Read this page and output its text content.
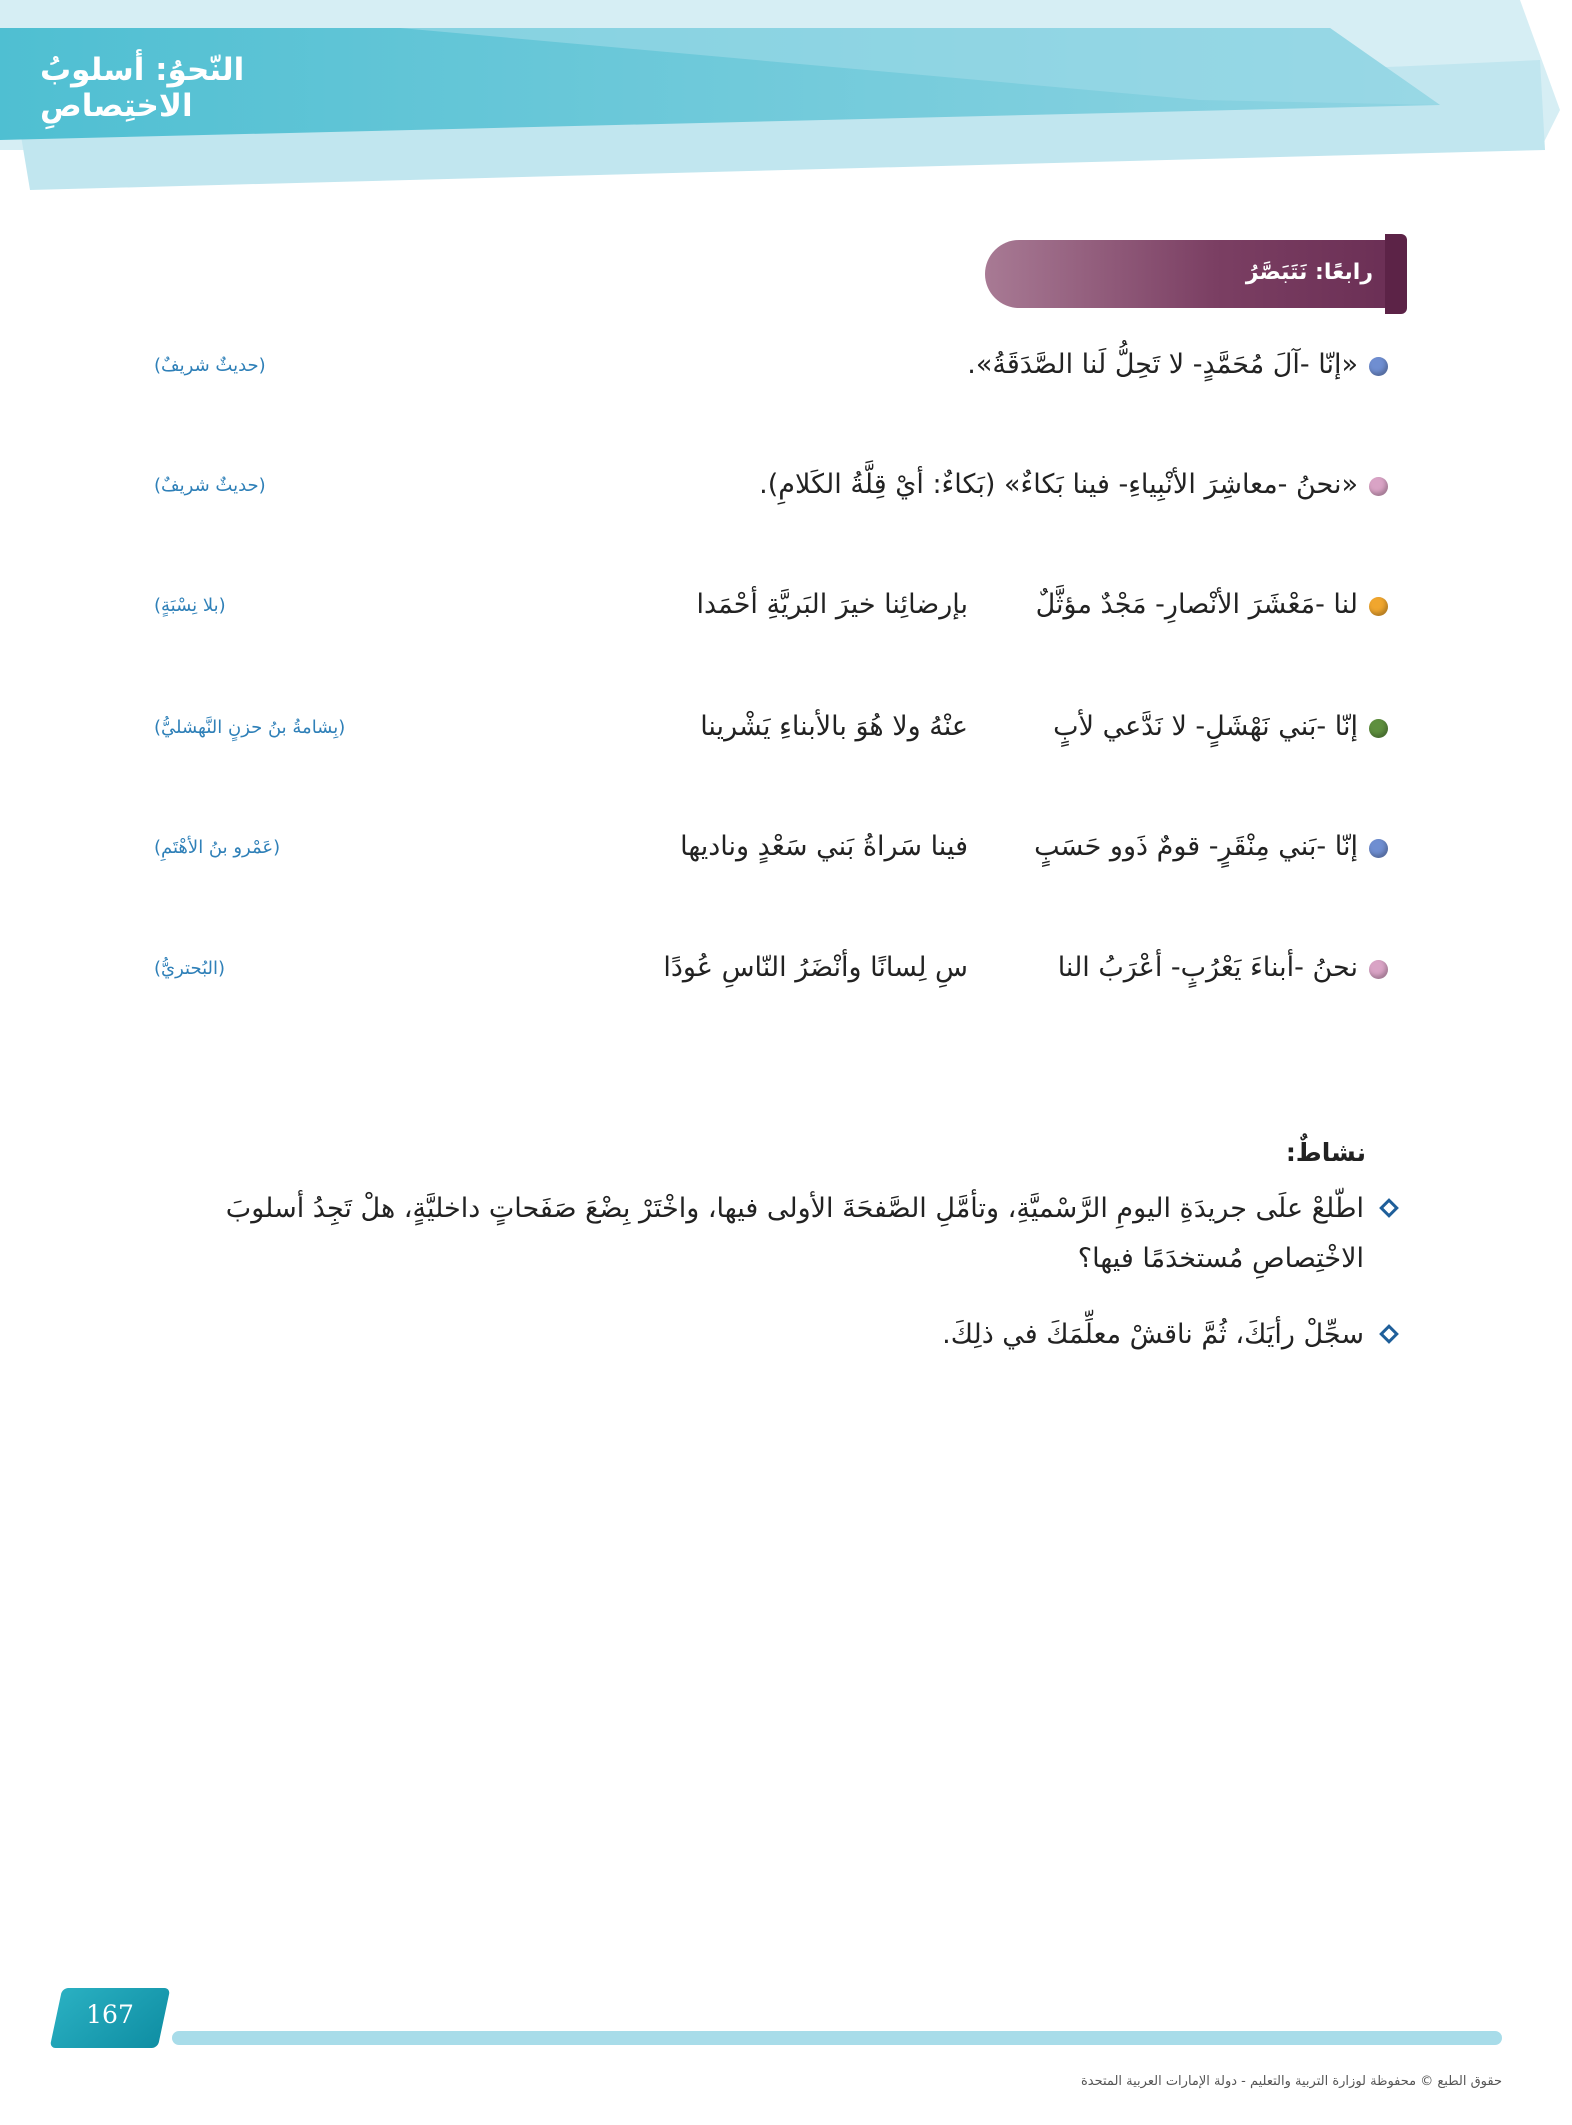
النّحوُ: أسلوبُ الاختِصاصِ
رابعًا: نَتَبَصَّرُ
«إنّا -آلَ مُحَمَّدٍ- لا تَحِلُّ لَنا الصَّدَقَةُ».
(حديثٌ شريفٌ)
«نحنُ -معاشِرَ الأنْبِياءِ- فينا بَكاءٌ» (بَكاءٌ: أيْ قِلَّةُ الكَلامِ).
(حديثٌ شريفٌ)
لنا -مَعْشَرَ الأنْصارِ- مَجْدٌ مؤثَّلٌ
بإرضائِنا خيرَ البَريَّةِ أحْمَدا
(بلا نِسْبَةٍ)
إنّا -بَني نَهْشَلٍ- لا نَدَّعي لأبٍ
عنْهُ ولا هُوَ بالأبناءِ يَشْرينا
(بِشامةُ بنُ حزنٍ النَّهشليُّ)
إنّا -بَني مِنْقَرٍ- قومٌ ذَوو حَسَبٍ
فينا سَراةُ بَني سَعْدٍ وناديها
(عَمْرو بنُ الأهْتَمِ)
نحنُ -أبناءَ يَعْرُبٍ- أعْرَبُ النا
سِ لِسانًا وأنْضَرُ النّاسِ عُودًا
(البُحتريُّ)
نشاطٌ:
اطّلعْ علَى جريدَةِ اليومِ الرَّسْميَّةِ، وتأمَّلِ الصَّفحَةَ الأولى فيها، واخْتَرْ بِضْعَ صَفَحاتٍ داخليَّةٍ، هلْ تَجِدُ أسلوبَ الاخْتِصاصِ مُستخدَمًا فيها؟
سجِّلْ رأيَكَ، ثُمَّ ناقشْ معلِّمَكَ في ذلِكَ.
167
حقوق الطبع © محفوظة لوزارة التربية والتعليم - دولة الإمارات العربية المتحدة
